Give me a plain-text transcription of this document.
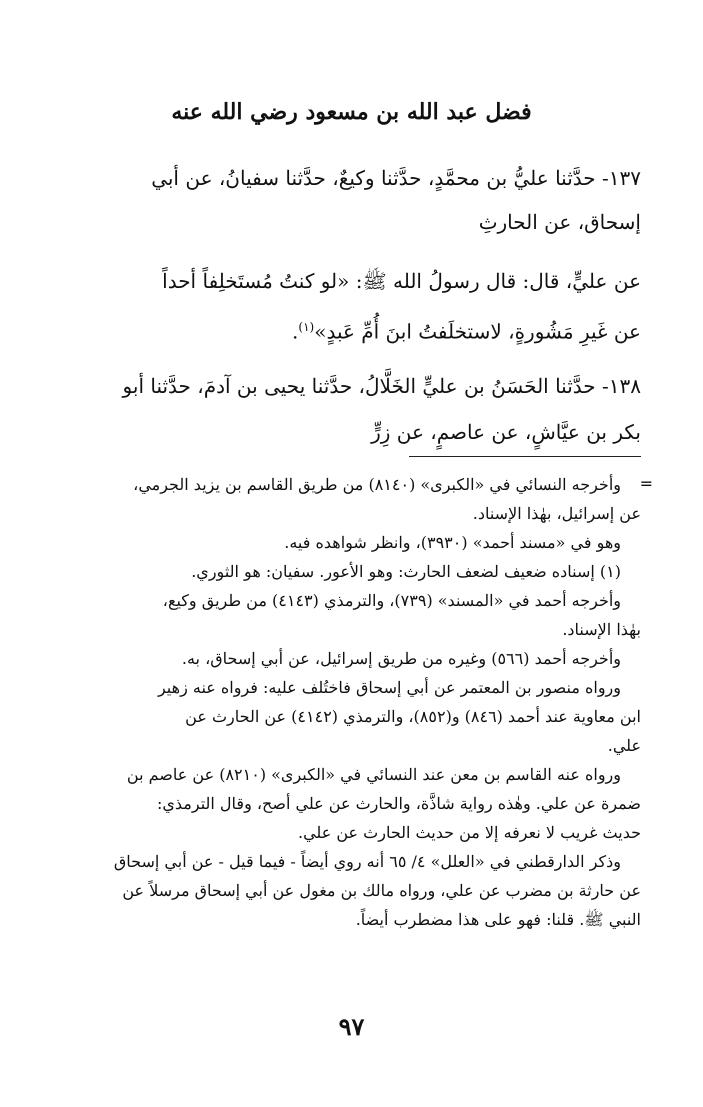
فضل عبد الله بن مسعود رضي الله عنه
١٣٧- حدَّثنا عليُّ بن محمَّدٍ، حدَّثنا وكيعٌ، حدَّثنا سفيانُ، عن أبي
إسحاق، عن الحارثِ
عن عليٍّ، قال: قال رسولُ الله ﷺ: «لو كنتُ مُستَخلِفاً أحداً
عن غَيرِ مَشُورةٍ، لاستخلَفتُ ابنَ أُمِّ عَبدٍ»$^{(١)}$.
١٣٨- حدَّثنا الحَسَنُ بن عليٍّ الخَلَّالُ، حدَّثنا يحيى بن آدمَ، حدَّثنا أبو
بكر بن عيَّاشٍ، عن عاصمٍ، عن زِرٍّ
=
وأخرجه النسائي في «الكبرى» (٨١٤٠) من طريق القاسم بن يزيد الجرمي،
عن إسرائيل، بهٰذا الإسناد.
وهو في «مسند أحمد» (٣٩٣٠)، وانظر شواهده فيه.
(١) إسناده ضعيف لضعف الحارث: وهو الأعور. سفيان: هو الثوري.
وأخرجه أحمد في «المسند» (٧٣٩)، والترمذي (٤١٤٣) من طريق وكيع،
بهٰذا الإسناد.
وأخرجه أحمد (٥٦٦) وغيره من طريق إسرائيل، عن أبي إسحاق، به.
ورواه منصور بن المعتمر عن أبي إسحاق فاختُلف عليه: فرواه عنه زهير
ابن معاوية عند أحمد (٨٤٦) و(٨٥٢)، والترمذي (٤١٤٢) عن الحارث عن
علي.
ورواه عنه القاسم بن معن عند النسائي في «الكبرى» (٨٢١٠) عن عاصم بن
ضمرة عن علي. وهٰذه رواية شاذَّة، والحارث عن علي أصح، وقال الترمذي:
حديث غريب لا نعرفه إلا من حديث الحارث عن علي.
وذكر الدارقطني في «العلل» ٤/ ٦٥ أنه روي أيضاً - فيما قيل - عن أبي إسحاق
عن حارثة بن مضرب عن علي، ورواه مالك بن مغول عن أبي إسحاق مرسلاً عن
النبي ﷺ. قلنا: فهو على هذا مضطرب أيضاً.
٩٧
